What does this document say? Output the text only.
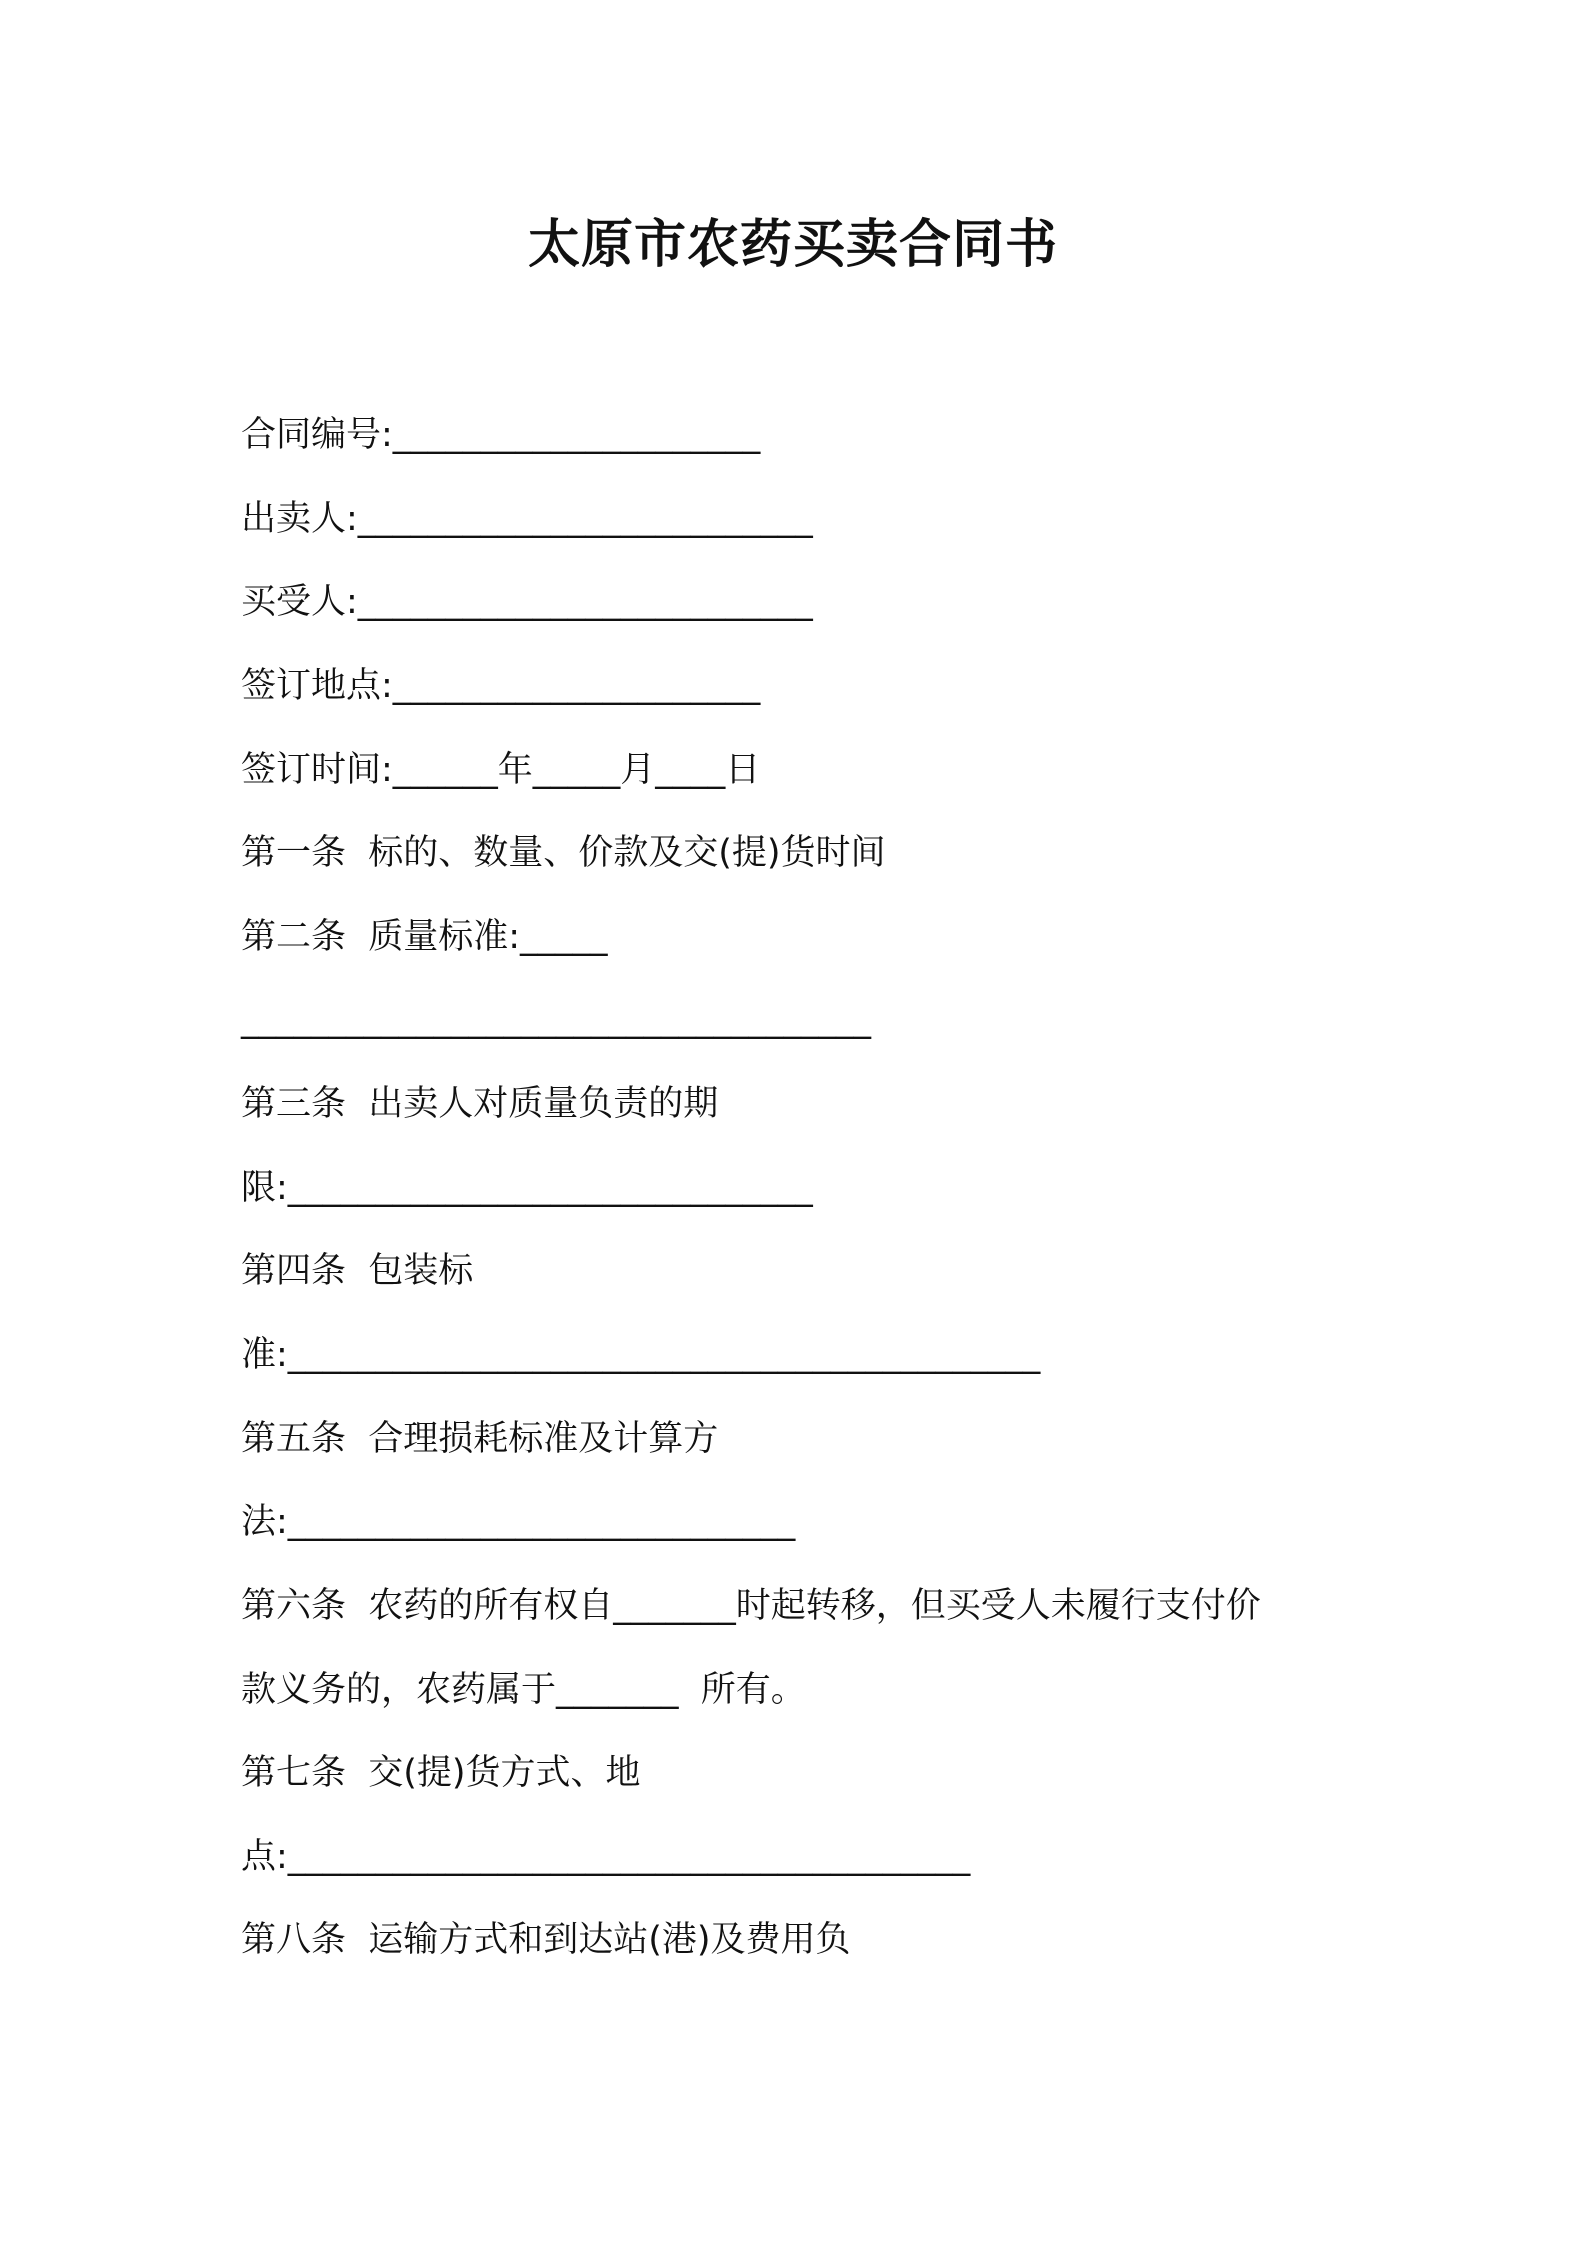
太原市农药买卖合同书

合同编号:_____________________

出卖人:__________________________

买受人:__________________________

签订地点:_____________________

签订时间:______年_____月____日

第一条  标的、数量、价款及交(提)货时间

第二条  质量标准:_____

____________________________________

第三条  出卖人对质量负责的期

限:______________________________

第四条  包装标

准:___________________________________________

第五条  合理损耗标准及计算方

法:_____________________________

第六条  农药的所有权自_______时起转移，但买受人未履行支付价

款义务的，农药属于_______  所有。

第七条  交(提)货方式、地

点:_______________________________________

第八条  运输方式和到达站(港)及费用负
